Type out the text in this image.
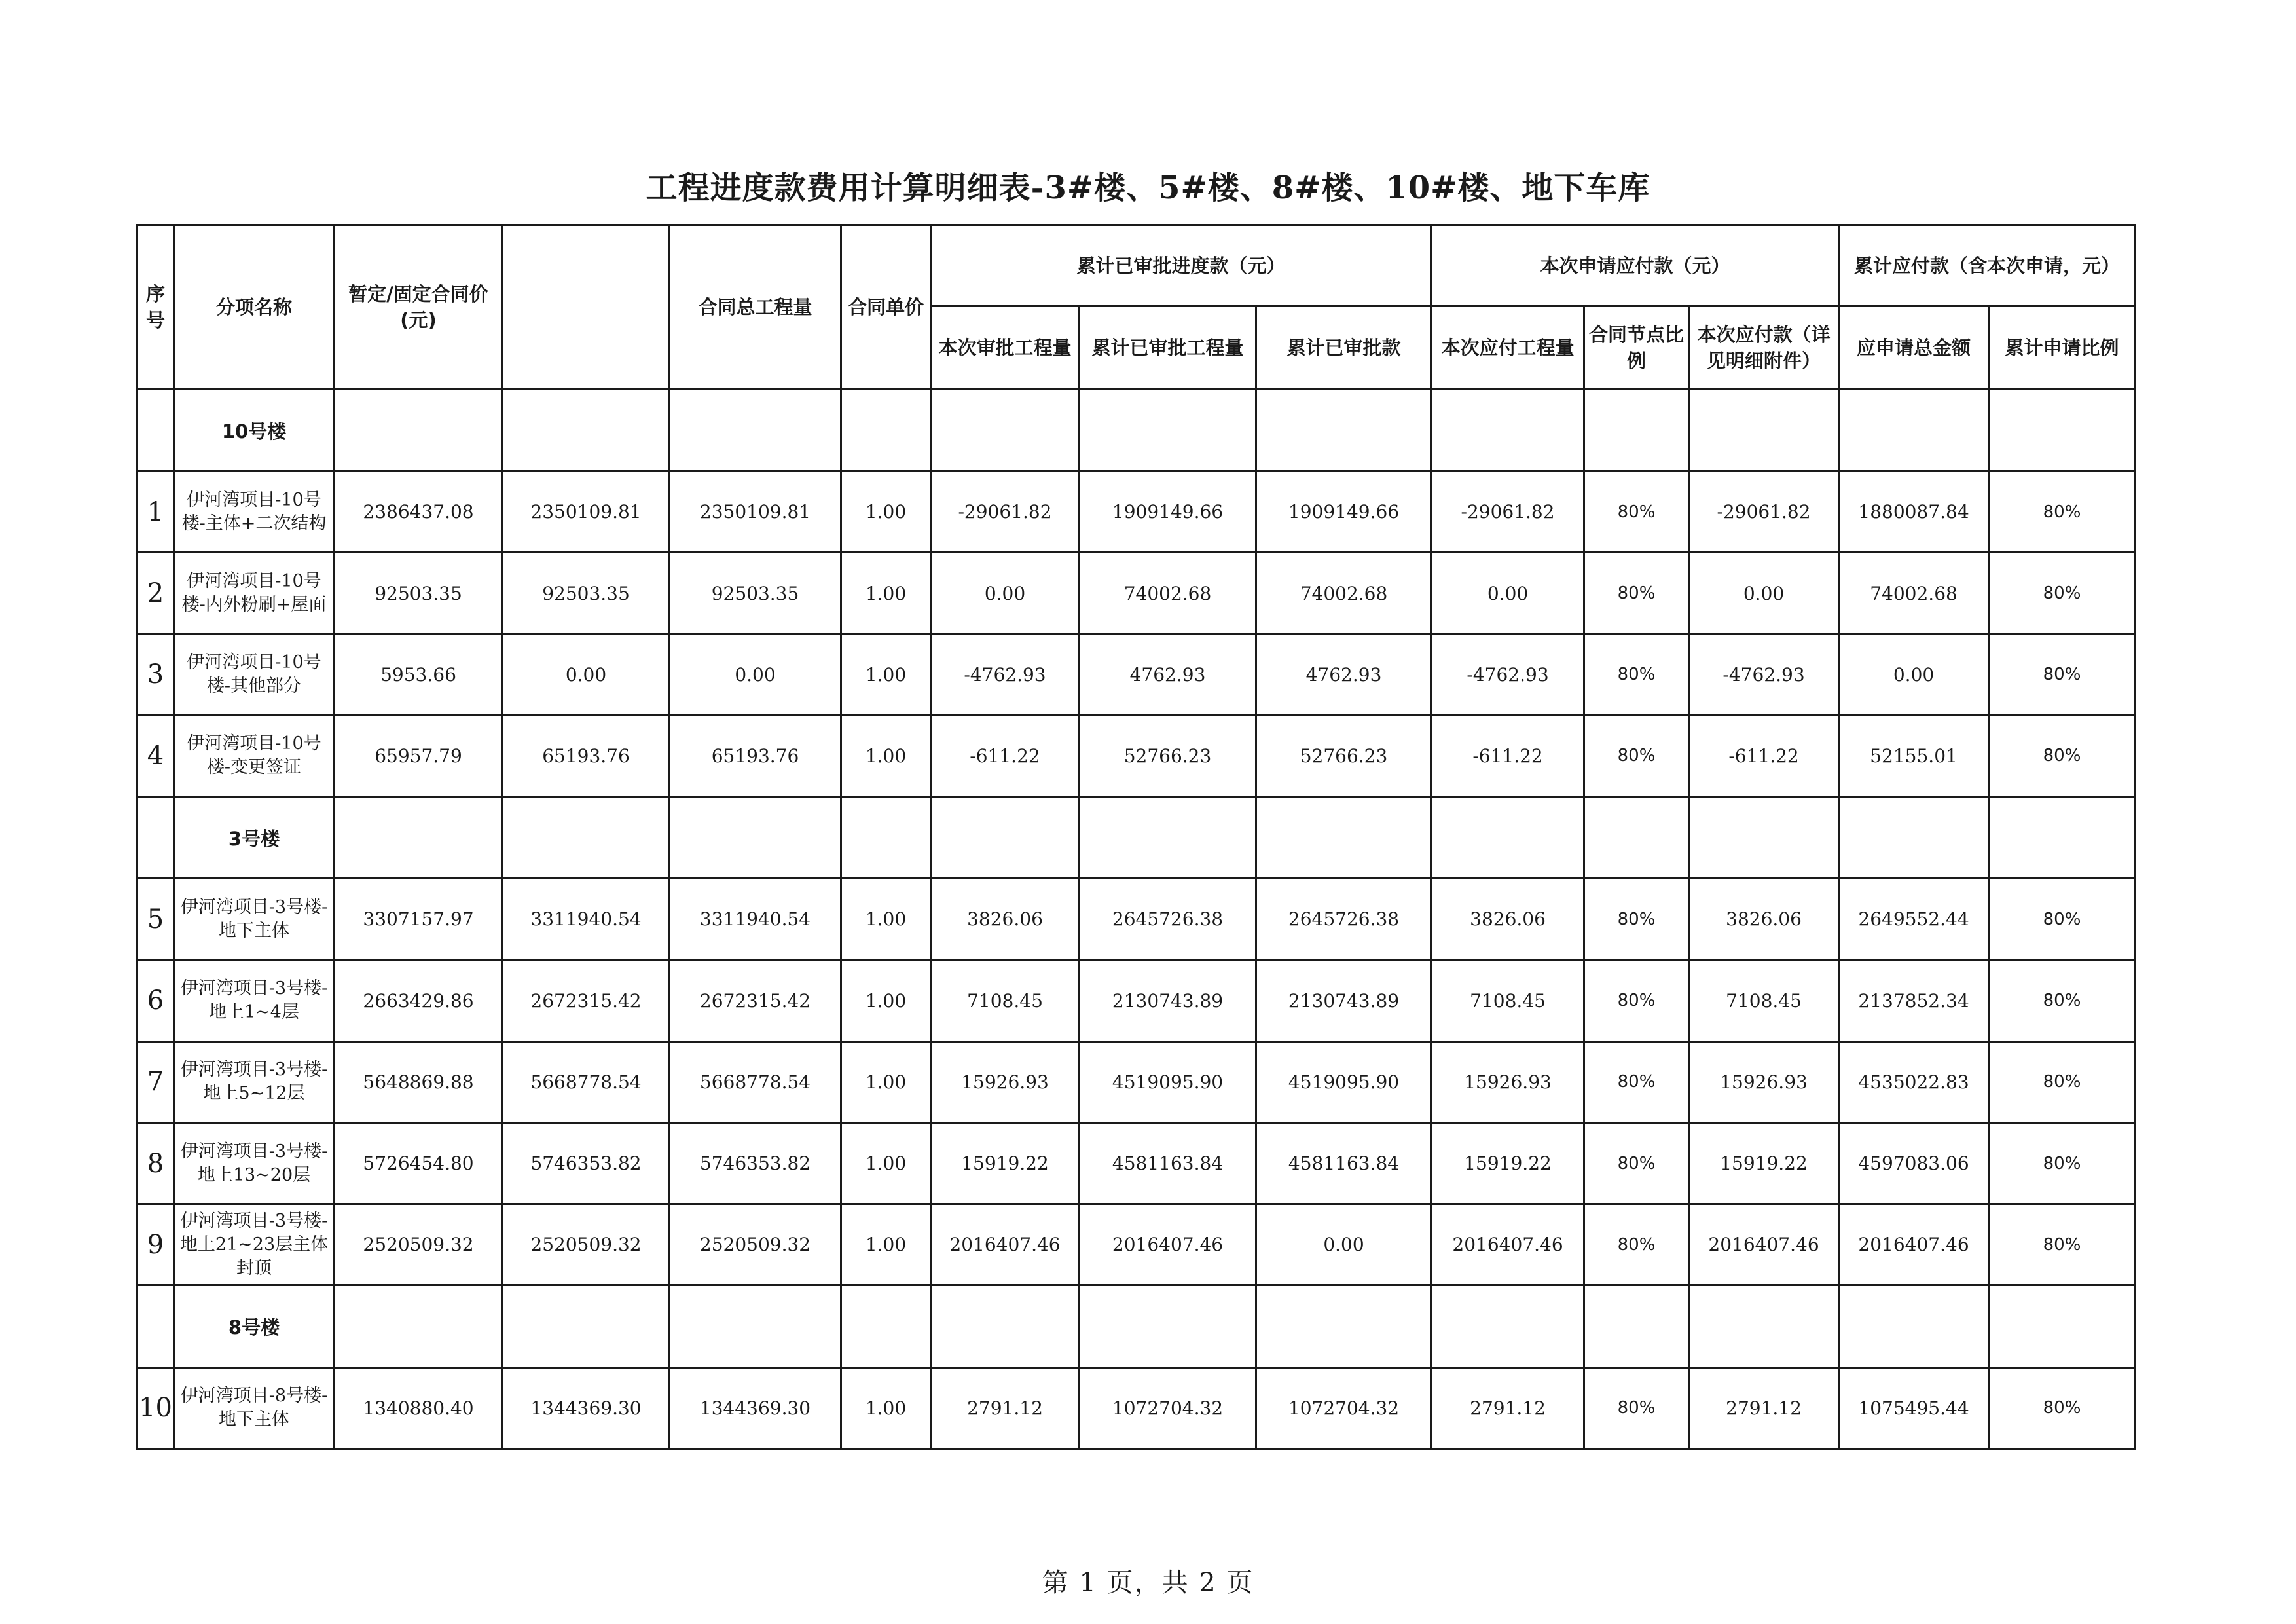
工程进度款费用计算明细表-3#楼、5#楼、8#楼、10#楼、地下车库
序号	分项名称	暂定/固定合同价(元)		合同总工程量	合同单价	累计已审批进度款（元）			本次申请应付款（元）			累计应付款（含本次申请，元）	
						本次审批工程量	累计已审批工程量	累计已审批款	本次应付工程量	合同节点比例	本次应付款（详见明细附件）	应申请总金额	累计申请比例
	10号楼												
1	伊河湾项目-10号楼-主体+二次结构	2386437.08	2350109.81	2350109.81	1.00	-29061.82	1909149.66	1909149.66	-29061.82	80%	-29061.82	1880087.84	80%
2	伊河湾项目-10号楼-内外粉刷+屋面	92503.35	92503.35	92503.35	1.00	0.00	74002.68	74002.68	0.00	80%	0.00	74002.68	80%
3	伊河湾项目-10号楼-其他部分	5953.66	0.00	0.00	1.00	-4762.93	4762.93	4762.93	-4762.93	80%	-4762.93	0.00	80%
4	伊河湾项目-10号楼-变更签证	65957.79	65193.76	65193.76	1.00	-611.22	52766.23	52766.23	-611.22	80%	-611.22	52155.01	80%
	3号楼												
5	伊河湾项目-3号楼-地下主体	3307157.97	3311940.54	3311940.54	1.00	3826.06	2645726.38	2645726.38	3826.06	80%	3826.06	2649552.44	80%
6	伊河湾项目-3号楼-地上1~4层	2663429.86	2672315.42	2672315.42	1.00	7108.45	2130743.89	2130743.89	7108.45	80%	7108.45	2137852.34	80%
7	伊河湾项目-3号楼-地上5~12层	5648869.88	5668778.54	5668778.54	1.00	15926.93	4519095.90	4519095.90	15926.93	80%	15926.93	4535022.83	80%
8	伊河湾项目-3号楼-地上13~20层	5726454.80	5746353.82	5746353.82	1.00	15919.22	4581163.84	4581163.84	15919.22	80%	15919.22	4597083.06	80%
9	伊河湾项目-3号楼-地上21~23层主体封顶	2520509.32	2520509.32	2520509.32	1.00	2016407.46	2016407.46	0.00	2016407.46	80%	2016407.46	2016407.46	80%
	8号楼												
10	伊河湾项目-8号楼-地下主体	1340880.40	1344369.30	1344369.30	1.00	2791.12	1072704.32	1072704.32	2791.12	80%	2791.12	1075495.44	80%
第 1 页，共 2 页
